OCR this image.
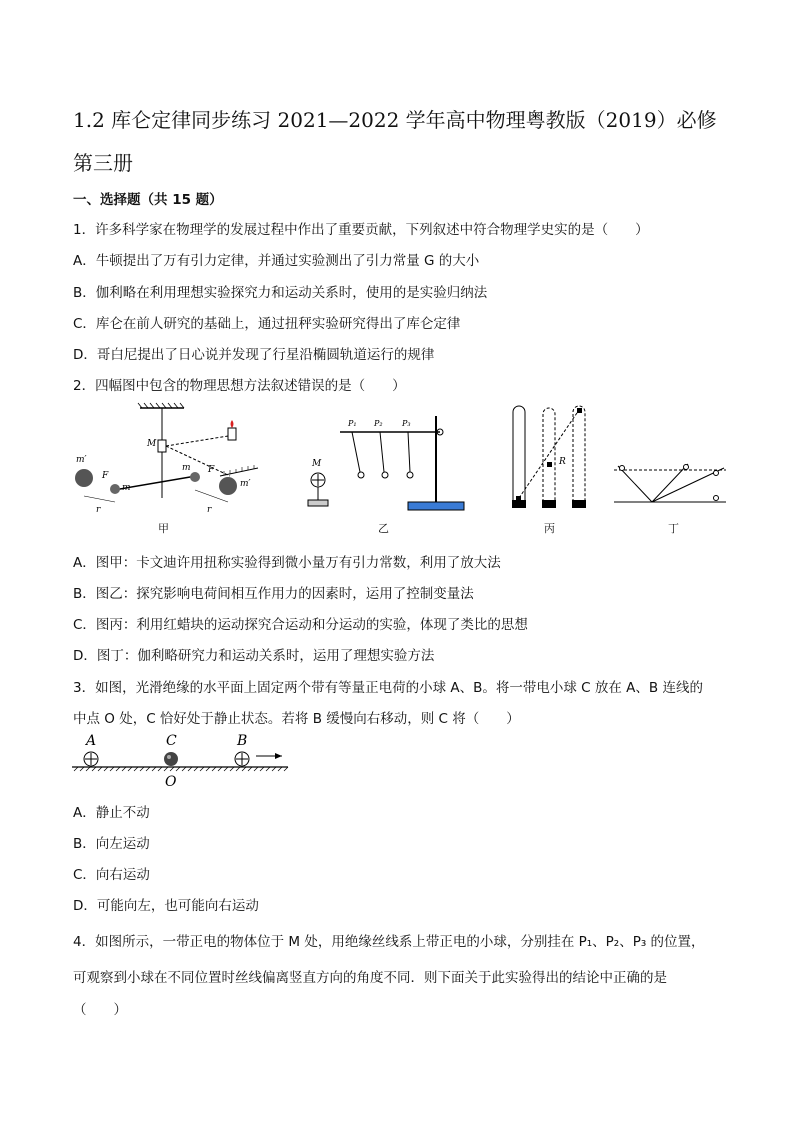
1.2 库仑定律同步练习 2021—2022 学年高中物理粤教版（2019）必修
第三册
一、选择题（共 15 题）
1．许多科学家在物理学的发展过程中作出了重要贡献，下列叙述中符合物理学史实的是（　　）
A．牛顿提出了万有引力定律，并通过实验测出了引力常量 G 的大小
B．伽利略在利用理想实验探究力和运动关系时，使用的是实验归纳法
C．库仑在前人研究的基础上，通过扭秤实验研究得出了库仑定律
D．哥白尼提出了日心说并发现了行星沿椭圆轨道运行的规律
2．四幅图中包含的物理思想方法叙述错误的是（　　）
m′
F
m
M
m F
m′
r	r
P₁ P₂ P₃
M	R
甲	乙	丙	丁
A．图甲：卡文迪许用扭称实验得到微小量万有引力常数，利用了放大法
B．图乙：探究影响电荷间相互作用力的因素时，运用了控制变量法
C．图丙：利用红蜡块的运动探究合运动和分运动的实验，体现了类比的思想
D．图丁：伽利略研究力和运动关系时，运用了理想实验方法
3．如图，光滑绝缘的水平面上固定两个带有等量正电荷的小球 A、B。将一带电小球 C 放在 A、B 连线的
中点 O 处，C 恰好处于静止状态。若将 B 缓慢向右移动，则 C 将（　　）
A	C	B
O
A．静止不动
B．向左运动
C．向右运动
D．可能向左，也可能向右运动
4．如图所示，一带正电的物体位于 M 处，用绝缘丝线系上带正电的小球，分别挂在 P₁、P₂、P₃ 的位置，
可观察到小球在不同位置时丝线偏离竖直方向的角度不同．则下面关于此实验得出的结论中正确的是
（　　）
